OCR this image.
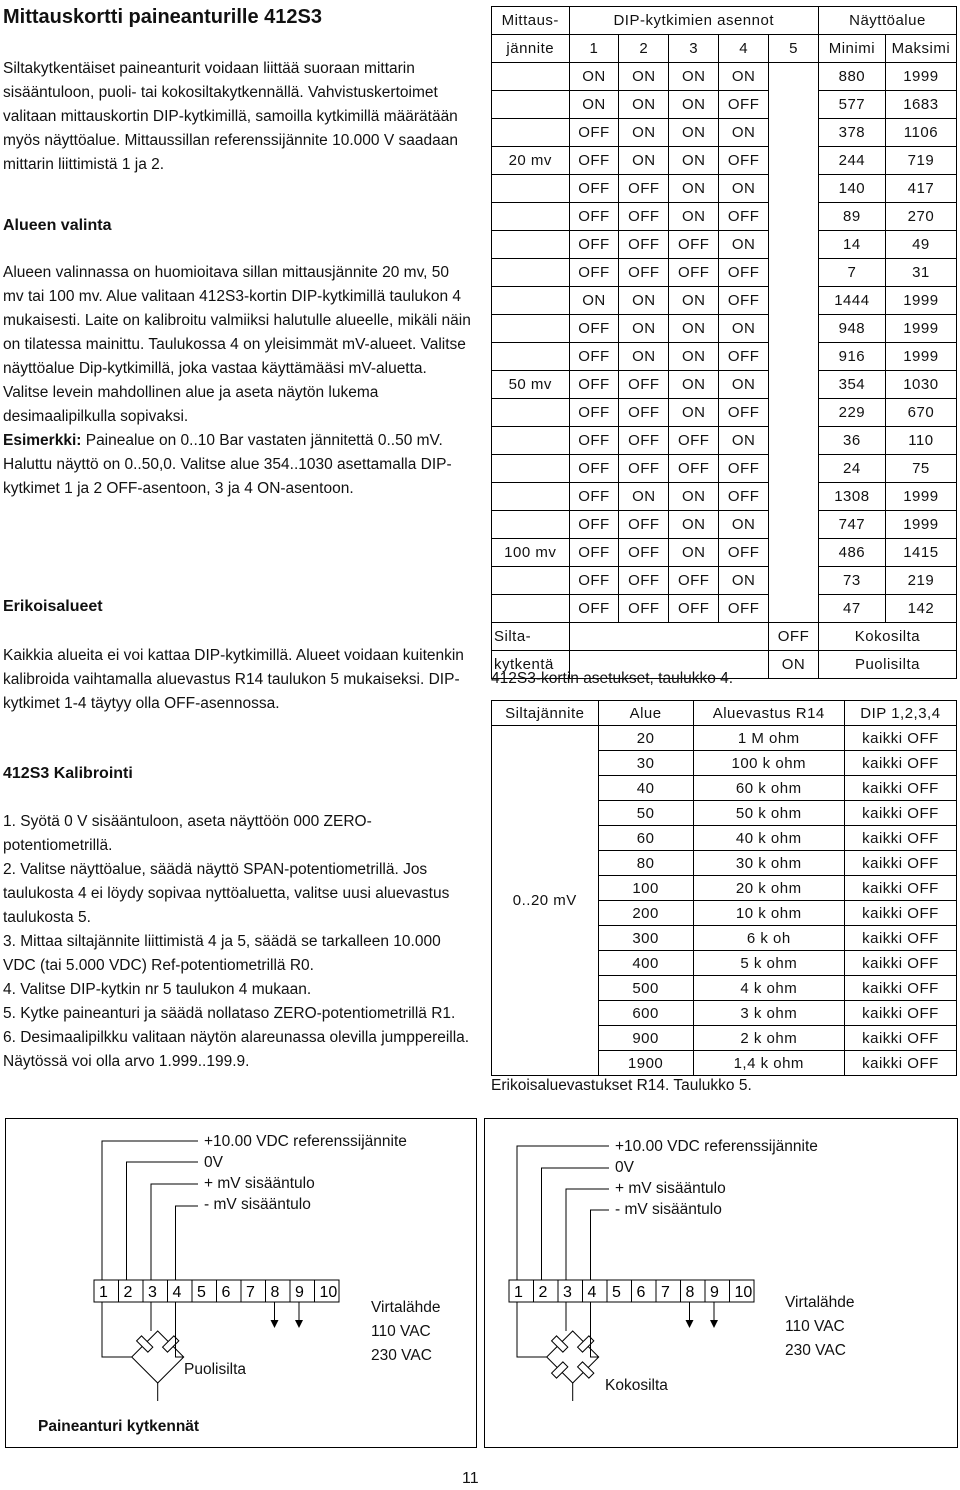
Mittauskortti paineanturille 412S3
Siltakytkentäiset paineanturit voidaan liittää suoraan mittarin sisääntuloon, puoli- tai kokosiltakytkennällä. Vahvistuskertoimet valitaan mittauskortin DIP-kytkimillä, samoilla kytkimillä määrätään myös näyttöalue. Mittaussillan referenssijännite 10.000 V saadaan mittarin liittimistä 1 ja 2.
Alueen valinta
Alueen valinnassa on huomioitava sillan mittausjännite 20 mv, 50 mv tai 100 mv. Alue valitaan 412S3-kortin DIP-kytkimillä taulukon 4 mukaisesti. Laite on kalibroitu valmiiksi halutulle alueelle, mikäli näin on tilatessa mainittu. Taulukossa 4 on yleisimmät mV-alueet. Valitse näyttöalue Dip-kytkimillä, joka vastaa käyttämääsi mV-aluetta. Valitse levein mahdollinen alue ja aseta näytön lukema desimaalipilkulla sopivaksi.
Esimerkki: Painealue on 0..10 Bar vastaten jännitettä 0..50 mV. Haluttu näyttö on 0..50,0. Valitse alue 354..1030 asettamalla DIP-kytkimet 1 ja 2 OFF-asentoon, 3 ja 4 ON-asentoon.
Erikoisalueet
Kaikkia alueita ei voi kattaa DIP-kytkimillä. Alueet voidaan kuitenkin kalibroida vaihtamalla aluevastus R14 taulukon 5 mukaiseksi. DIP-kytkimet 1-4 täytyy olla OFF-asennossa.
412S3 Kalibrointi
1. Syötä 0 V sisääntuloon, aseta näyttöön 000 ZERO-potentiometrillä.
2. Valitse näyttöalue, säädä näyttö SPAN-potentiometrillä. Jos taulukosta 4 ei löydy sopivaa nyttöaluetta, valitse uusi aluevastus taulukosta 5.
3. Mittaa siltajännite liittimistä 4 ja 5, säädä se tarkalleen 10.000 VDC (tai 5.000 VDC) Ref-potentiometrillä R0.
4. Valitse DIP-kytkin nr 5 taulukon 4 mukaan.
5. Kytke paineanturi ja säädä nollataso ZERO-potentiometrillä R1.
6. Desimaalipilkku valitaan näytön alareunassa olevilla jumppereilla. Näytössä voi olla arvo 1.999..199.9.
Mittaus-	DIP-kytkimien asennot					Näyttöalue	
jännite	1	2	3	4	5	Minimi	Maksimi
	ON	ON	ON	ON		880	1999
	ON	ON	ON	OFF		577	1683
	OFF	ON	ON	ON		378	1106
20 mv	OFF	ON	ON	OFF		244	719
	OFF	OFF	ON	ON		140	417
	OFF	OFF	ON	OFF		89	270
	OFF	OFF	OFF	ON		14	49
	OFF	OFF	OFF	OFF		7	31
	ON	ON	ON	OFF		1444	1999
	OFF	ON	ON	ON		948	1999
	OFF	ON	ON	OFF		916	1999
50 mv	OFF	OFF	ON	ON		354	1030
	OFF	OFF	ON	OFF		229	670
	OFF	OFF	OFF	ON		36	110
	OFF	OFF	OFF	OFF		24	75
	OFF	ON	ON	OFF		1308	1999
	OFF	OFF	ON	ON		747	1999
100 mv	OFF	OFF	ON	OFF		486	1415
	OFF	OFF	OFF	ON		73	219
	OFF	OFF	OFF	OFF		47	142
Silta-					OFF	Kokosilta	
kytkentä					ON	Puolisilta	
412S3-kortin asetukset, taulukko 4.
Siltajännite	Alue	Aluevastus R14	DIP 1,2,3,4
0..20 mV	20	1 M ohm	kaikki OFF
	30	100 k ohm	kaikki OFF
	40	60 k ohm	kaikki OFF
	50	50 k ohm	kaikki OFF
	60	40 k ohm	kaikki OFF
	80	30 k ohm	kaikki OFF
	100	20 k ohm	kaikki OFF
	200	10 k ohm	kaikki OFF
	300	6 k oh	kaikki OFF
	400	5 k ohm	kaikki OFF
	500	4 k ohm	kaikki OFF
	600	3 k ohm	kaikki OFF
	900	2 k ohm	kaikki OFF
	1900	1,4 k ohm	kaikki OFF
Erikoisaluevastukset R14. Taulukko 5.
+10.00 VDC referenssijännite
0V
+ mV sisääntulo
- mV sisääntulo
1 2 3 4 5 6 7 8 9 10
Virtalähde
110 VAC
230 VAC
Puolisilta
Paineanturi kytkennät
+10.00 VDC referenssijännite
0V
+ mV sisääntulo
- mV sisääntulo
1 2 3 4 5 6 7 8 9 10
Virtalähde
110 VAC
230 VAC
Kokosilta
11
